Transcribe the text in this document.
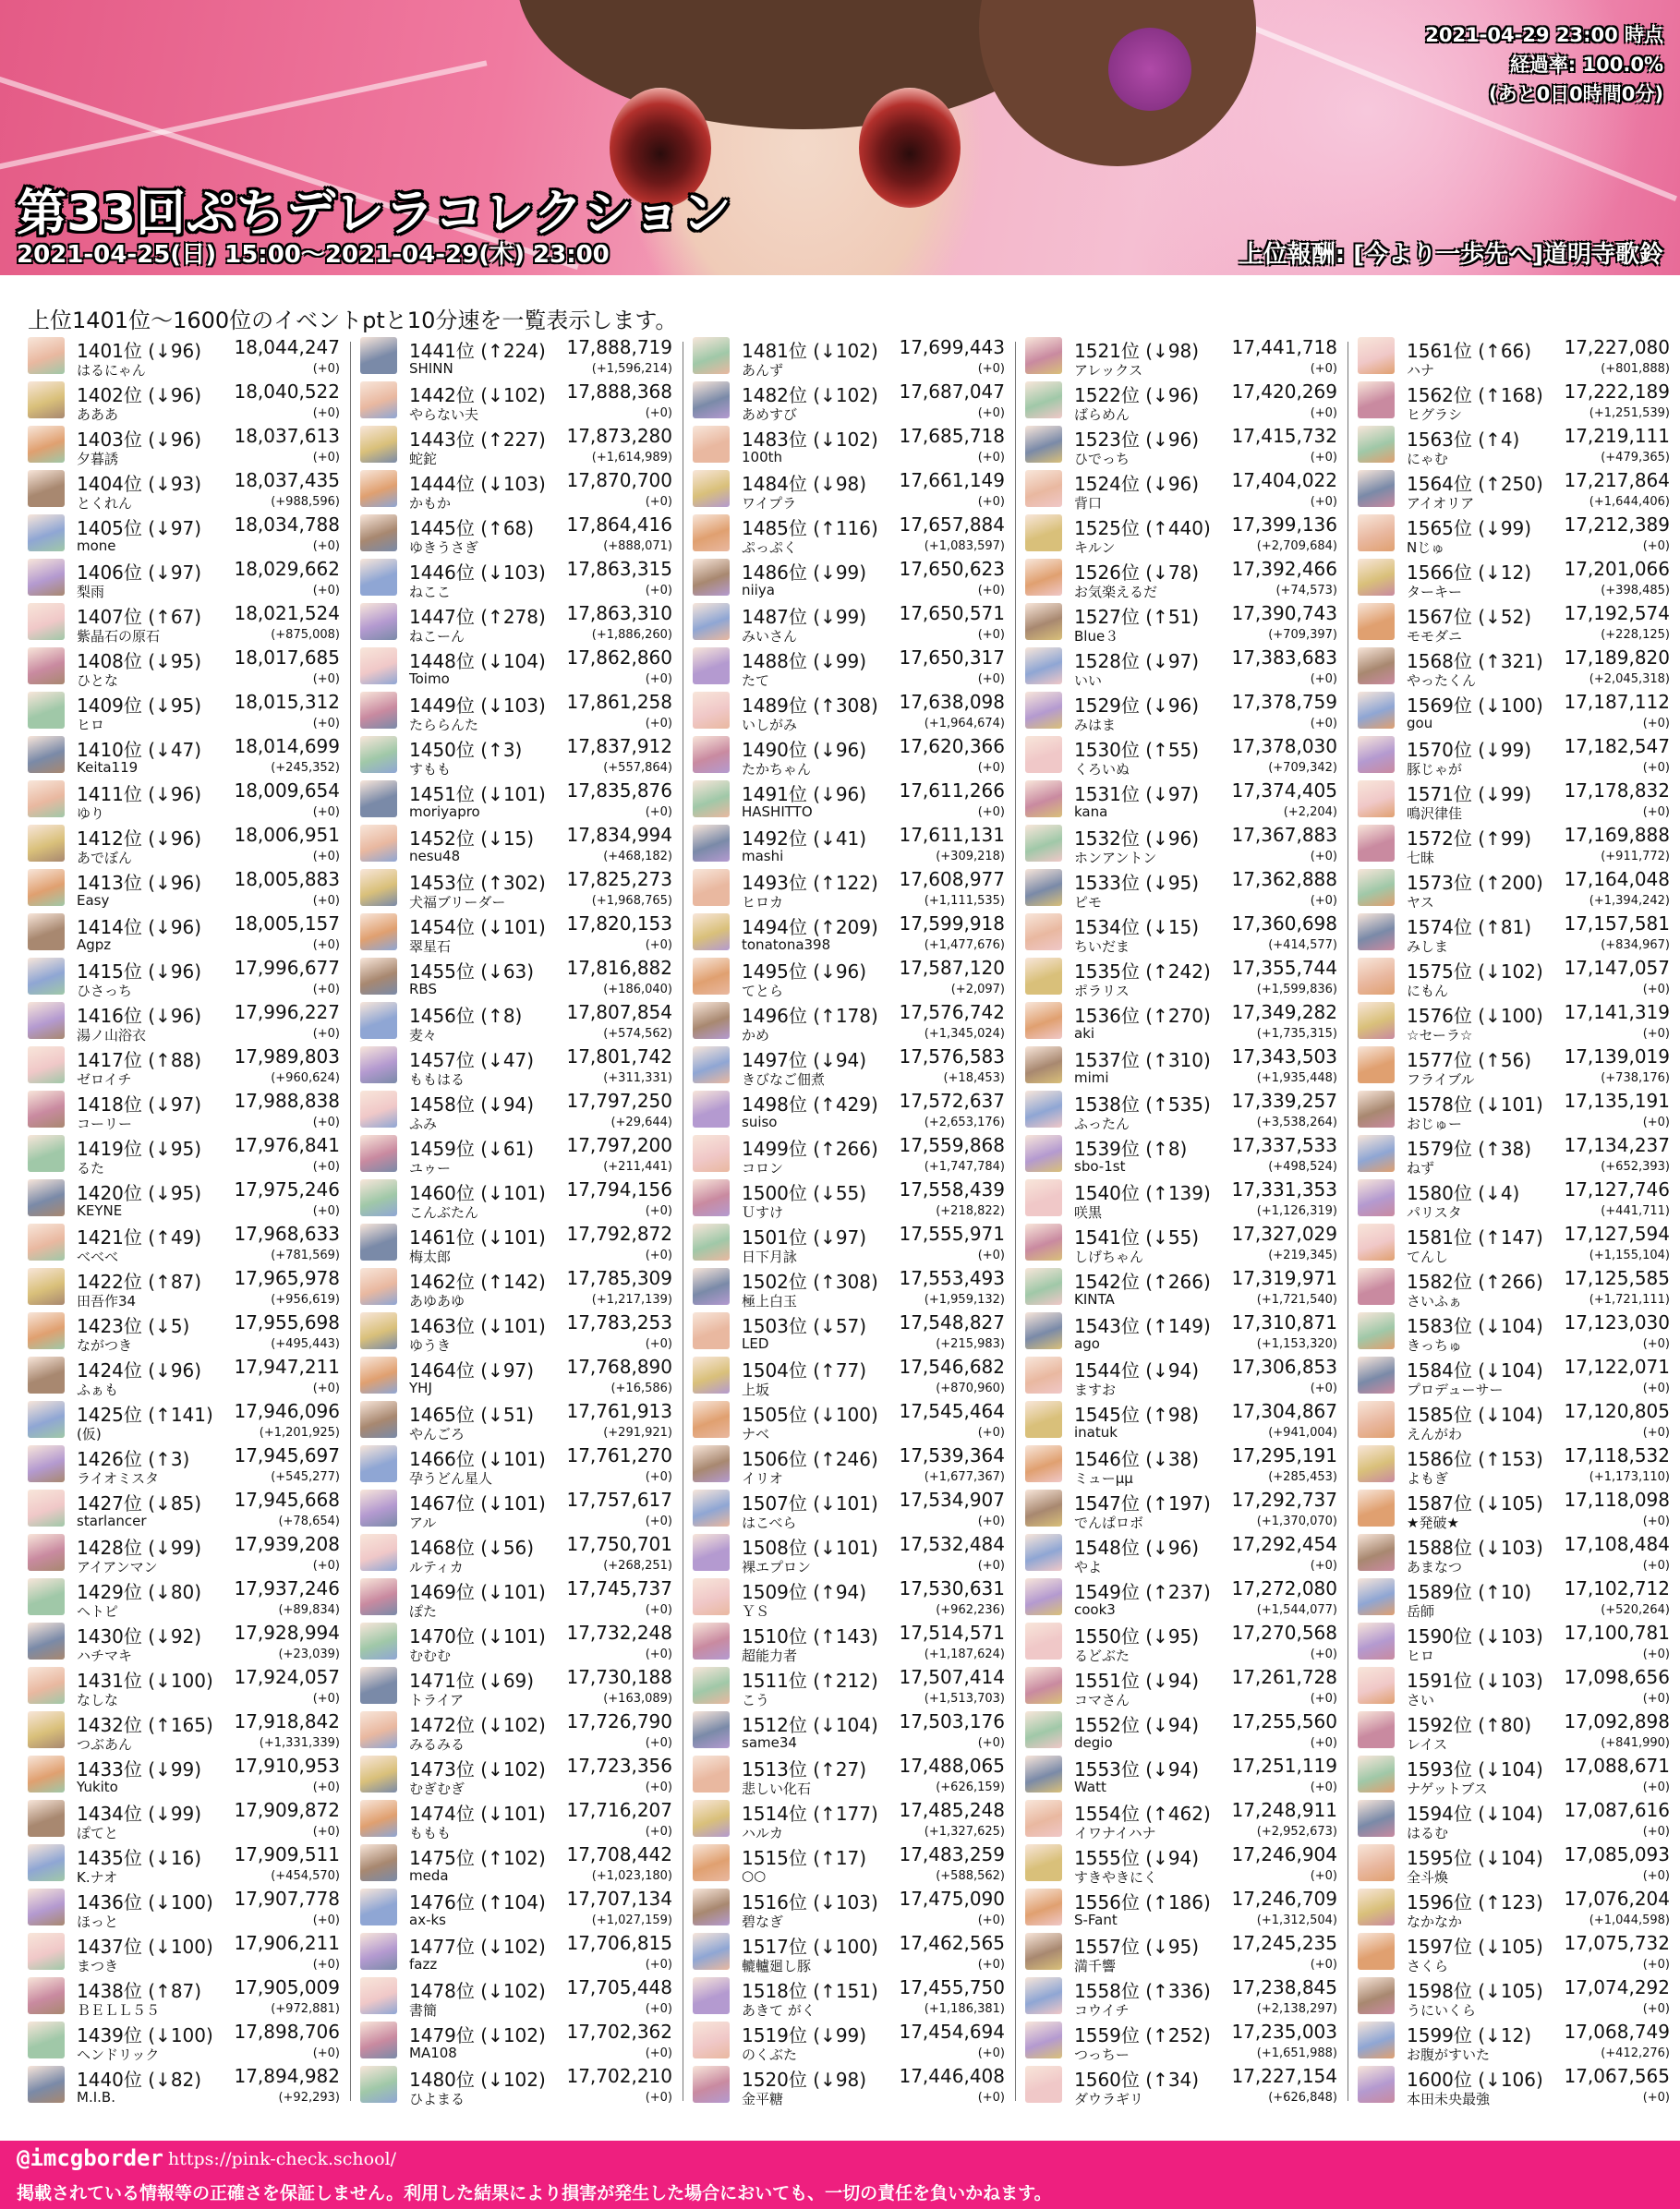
2021-04-29 23:00 時点
経過率: 100.0%
(あと0日0時間0分)
第33回ぷちデレラコレクション
2021-04-25(日) 15:00～2021-04-29(木) 23:00	上位報酬: [今より一歩先へ]道明寺歌鈴
上位1401位～1600位のイベントptと10分速を一覧表示します。
1401位 (↓96)
はるにゃん
18,044,247
(+0)
1402位 (↓96)
あああ
18,040,522
(+0)
1403位 (↓96)
夕暮誘
18,037,613
(+0)
1404位 (↓93)
とくれん
18,037,435
(+988,596)
1405位 (↓97)
mone
18,034,788
(+0)
1406位 (↓97)
梨雨
18,029,662
(+0)
1407位 (↑67)
紫晶石の原石
18,021,524
(+875,008)
1408位 (↓95)
ひとな
18,017,685
(+0)
1409位 (↓95)
ヒロ
18,015,312
(+0)
1410位 (↓47)
Keita119
18,014,699
(+245,352)
1411位 (↓96)
ゆり
18,009,654
(+0)
1412位 (↓96)
あでぼん
18,006,951
(+0)
1413位 (↓96)
Easy
18,005,883
(+0)
1414位 (↓96)
Agpz
18,005,157
(+0)
1415位 (↓96)
ひさっち
17,996,677
(+0)
1416位 (↓96)
湯ノ山浴衣
17,996,227
(+0)
1417位 (↑88)
ゼロイチ
17,989,803
(+960,624)
1418位 (↓97)
コーリー
17,988,838
(+0)
1419位 (↓95)
るた
17,976,841
(+0)
1420位 (↓95)
KEYNE
17,975,246
(+0)
1421位 (↑49)
べべべ
17,968,633
(+781,569)
1422位 (↑87)
田吾作34
17,965,978
(+956,619)
1423位 (↓5)
ながつき
17,955,698
(+495,443)
1424位 (↓96)
ふぁも
17,947,211
(+0)
1425位 (↑141)
(仮)
17,946,096
(+1,201,925)
1426位 (↑3)
ライオミスタ
17,945,697
(+545,277)
1427位 (↓85)
starlancer
17,945,668
(+78,654)
1428位 (↓99)
アイアンマン
17,939,208
(+0)
1429位 (↓80)
ヘトピ
17,937,246
(+89,834)
1430位 (↓92)
ハチマキ
17,928,994
(+23,039)
1431位 (↓100)
なしな
17,924,057
(+0)
1432位 (↑165)
つぶあん
17,918,842
(+1,331,339)
1433位 (↓99)
Yukito
17,910,953
(+0)
1434位 (↓99)
ぽてと
17,909,872
(+0)
1435位 (↓16)
K.ナオ
17,909,511
(+454,570)
1436位 (↓100)
ほっと
17,907,778
(+0)
1437位 (↓100)
まつき
17,906,211
(+0)
1438位 (↑87)
ＢＥＬＬ５５
17,905,009
(+972,881)
1439位 (↓100)
ヘンドリック
17,898,706
(+0)
1440位 (↓82)
M.I.B.
17,894,982
(+92,293)
1441位 (↑224)
SHINN
17,888,719
(+1,596,214)
1442位 (↓102)
やらない夫
17,888,368
(+0)
1443位 (↑227)
蛇鉈
17,873,280
(+1,614,989)
1444位 (↓103)
かもか
17,870,700
(+0)
1445位 (↑68)
ゆきうさぎ
17,864,416
(+888,071)
1446位 (↓103)
ねここ
17,863,315
(+0)
1447位 (↑278)
ねこーん
17,863,310
(+1,886,260)
1448位 (↓104)
Toimo
17,862,860
(+0)
1449位 (↓103)
たららんた
17,861,258
(+0)
1450位 (↑3)
すもも
17,837,912
(+557,864)
1451位 (↓101)
moriyapro
17,835,876
(+0)
1452位 (↓15)
nesu48
17,834,994
(+468,182)
1453位 (↑302)
犬福ブリーダー
17,825,273
(+1,968,765)
1454位 (↓101)
翠星石
17,820,153
(+0)
1455位 (↓63)
RBS
17,816,882
(+186,040)
1456位 (↑8)
麦々
17,807,854
(+574,562)
1457位 (↓47)
ももはる
17,801,742
(+311,331)
1458位 (↓94)
ふみ
17,797,250
(+29,644)
1459位 (↓61)
ユゥー
17,797,200
(+211,441)
1460位 (↓101)
こんぶたん
17,794,156
(+0)
1461位 (↓101)
梅太郎
17,792,872
(+0)
1462位 (↑142)
あゆあゆ
17,785,309
(+1,217,139)
1463位 (↓101)
ゆうき
17,783,253
(+0)
1464位 (↓97)
YHJ
17,768,890
(+16,586)
1465位 (↓51)
やんごろ
17,761,913
(+291,921)
1466位 (↓101)
孕うどん星人
17,761,270
(+0)
1467位 (↓101)
アル
17,757,617
(+0)
1468位 (↓56)
ルティカ
17,750,701
(+268,251)
1469位 (↓101)
ぽた
17,745,737
(+0)
1470位 (↓101)
むむむ
17,732,248
(+0)
1471位 (↓69)
トライア
17,730,188
(+163,089)
1472位 (↓102)
みるみる
17,726,790
(+0)
1473位 (↓102)
むぎむぎ
17,723,356
(+0)
1474位 (↓101)
ももも
17,716,207
(+0)
1475位 (↑102)
meda
17,708,442
(+1,023,180)
1476位 (↑104)
ax-ks
17,707,134
(+1,027,159)
1477位 (↓102)
fazz
17,706,815
(+0)
1478位 (↓102)
書簡
17,705,448
(+0)
1479位 (↓102)
MA108
17,702,362
(+0)
1480位 (↓102)
ひよまる
17,702,210
(+0)
1481位 (↓102)
あんず
17,699,443
(+0)
1482位 (↓102)
あめすび
17,687,047
(+0)
1483位 (↓102)
100th
17,685,718
(+0)
1484位 (↓98)
ワイプラ
17,661,149
(+0)
1485位 (↑116)
ぷっぷく
17,657,884
(+1,083,597)
1486位 (↓99)
niiya
17,650,623
(+0)
1487位 (↓99)
みいさん
17,650,571
(+0)
1488位 (↓99)
たて
17,650,317
(+0)
1489位 (↑308)
いしがみ
17,638,098
(+1,964,674)
1490位 (↓96)
たかちゃん
17,620,366
(+0)
1491位 (↓96)
HASHITTO
17,611,266
(+0)
1492位 (↓41)
mashi
17,611,131
(+309,218)
1493位 (↑122)
ヒロカ
17,608,977
(+1,111,535)
1494位 (↑209)
tonatona398
17,599,918
(+1,477,676)
1495位 (↓96)
てとら
17,587,120
(+2,097)
1496位 (↑178)
かめ
17,576,742
(+1,345,024)
1497位 (↓94)
きびなご佃煮
17,576,583
(+18,453)
1498位 (↑429)
suiso
17,572,637
(+2,653,176)
1499位 (↑266)
コロン
17,559,868
(+1,747,784)
1500位 (↓55)
Ｕすけ
17,558,439
(+218,822)
1501位 (↓97)
日下月詠
17,555,971
(+0)
1502位 (↑308)
極上白玉
17,553,493
(+1,959,132)
1503位 (↓57)
LED
17,548,827
(+215,983)
1504位 (↑77)
上坂
17,546,682
(+870,960)
1505位 (↓100)
ナベ
17,545,464
(+0)
1506位 (↑246)
イリオ
17,539,364
(+1,677,367)
1507位 (↓101)
はこべら
17,534,907
(+0)
1508位 (↓101)
裸エプロン
17,532,484
(+0)
1509位 (↑94)
ＹＳ
17,530,631
(+962,236)
1510位 (↑143)
超能力者
17,514,571
(+1,187,624)
1511位 (↑212)
こう
17,507,414
(+1,513,703)
1512位 (↓104)
same34
17,503,176
(+0)
1513位 (↑27)
悲しい化石
17,488,065
(+626,159)
1514位 (↑177)
ハルカ
17,485,248
(+1,327,625)
1515位 (↑17)
○○
17,483,259
(+588,562)
1516位 (↓103)
碧なぎ
17,475,090
(+0)
1517位 (↓100)
轆轤廻し豚
17,462,565
(+0)
1518位 (↑151)
あきて がく
17,455,750
(+1,186,381)
1519位 (↓99)
のくぶた
17,454,694
(+0)
1520位 (↓98)
金平糖
17,446,408
(+0)
1521位 (↓98)
アレックス
17,441,718
(+0)
1522位 (↓96)
ばらめん
17,420,269
(+0)
1523位 (↓96)
ひでっち
17,415,732
(+0)
1524位 (↓96)
背口
17,404,022
(+0)
1525位 (↑440)
キルン
17,399,136
(+2,709,684)
1526位 (↓78)
お気楽えるだ
17,392,466
(+74,573)
1527位 (↑51)
Blue３
17,390,743
(+709,397)
1528位 (↓97)
いい
17,383,683
(+0)
1529位 (↓96)
みはま
17,378,759
(+0)
1530位 (↑55)
くろいぬ
17,378,030
(+709,342)
1531位 (↓97)
kana
17,374,405
(+2,204)
1532位 (↓96)
ホンアントン
17,367,883
(+0)
1533位 (↓95)
ピモ
17,362,888
(+0)
1534位 (↓15)
ちいだま
17,360,698
(+414,577)
1535位 (↑242)
ポラリス
17,355,744
(+1,599,836)
1536位 (↑270)
aki
17,349,282
(+1,735,315)
1537位 (↑310)
mimi
17,343,503
(+1,935,448)
1538位 (↑535)
ふったん
17,339,257
(+3,538,264)
1539位 (↑8)
sbo-1st
17,337,533
(+498,524)
1540位 (↑139)
咲黒
17,331,353
(+1,126,319)
1541位 (↓55)
しげちゃん
17,327,029
(+219,345)
1542位 (↑266)
KINTA
17,319,971
(+1,721,540)
1543位 (↑149)
ago
17,310,871
(+1,153,320)
1544位 (↓94)
ますお
17,306,853
(+0)
1545位 (↑98)
inatuk
17,304,867
(+941,004)
1546位 (↓38)
ミューμμ
17,295,191
(+285,453)
1547位 (↑197)
でんぱロボ
17,292,737
(+1,370,070)
1548位 (↓96)
やよ
17,292,454
(+0)
1549位 (↑237)
cook3
17,272,080
(+1,544,077)
1550位 (↓95)
るどぶた
17,270,568
(+0)
1551位 (↓94)
コマさん
17,261,728
(+0)
1552位 (↓94)
degio
17,255,560
(+0)
1553位 (↓94)
Watt
17,251,119
(+0)
1554位 (↑462)
イワナイハナ
17,248,911
(+2,952,673)
1555位 (↓94)
すきやきにく
17,246,904
(+0)
1556位 (↑186)
S-Fant
17,246,709
(+1,312,504)
1557位 (↓95)
満千響
17,245,235
(+0)
1558位 (↑336)
コウイチ
17,238,845
(+2,138,297)
1559位 (↑252)
つっちー
17,235,003
(+1,651,988)
1560位 (↑34)
ダウラギリ
17,227,154
(+626,848)
1561位 (↑66)
ハナ
17,227,080
(+801,888)
1562位 (↑168)
ヒグラシ
17,222,189
(+1,251,539)
1563位 (↑4)
にゃむ
17,219,111
(+479,365)
1564位 (↑250)
アイオリア
17,217,864
(+1,644,406)
1565位 (↓99)
Nじゅ
17,212,389
(+0)
1566位 (↓12)
ターキー
17,201,066
(+398,485)
1567位 (↓52)
モモダニ
17,192,574
(+228,125)
1568位 (↑321)
やったくん
17,189,820
(+2,045,318)
1569位 (↓100)
gou
17,187,112
(+0)
1570位 (↓99)
豚じゃが
17,182,547
(+0)
1571位 (↓99)
鳴沢律佳
17,178,832
(+0)
1572位 (↑99)
七昧
17,169,888
(+911,772)
1573位 (↑200)
ヤス
17,164,048
(+1,394,242)
1574位 (↑81)
みしま
17,157,581
(+834,967)
1575位 (↓102)
にもん
17,147,057
(+0)
1576位 (↓100)
☆セーラ☆
17,141,319
(+0)
1577位 (↑56)
フライブル
17,139,019
(+738,176)
1578位 (↓101)
おじゅー
17,135,191
(+0)
1579位 (↑38)
ねず
17,134,237
(+652,393)
1580位 (↓4)
パリスタ
17,127,746
(+441,711)
1581位 (↑147)
てんし
17,127,594
(+1,155,104)
1582位 (↑266)
さいふぁ
17,125,585
(+1,721,111)
1583位 (↓104)
きっちゅ
17,123,030
(+0)
1584位 (↓104)
プロデューサー
17,122,071
(+0)
1585位 (↓104)
えんがわ
17,120,805
(+0)
1586位 (↑153)
よもぎ
17,118,532
(+1,173,110)
1587位 (↓105)
★発破★
17,118,098
(+0)
1588位 (↓103)
あまなつ
17,108,484
(+0)
1589位 (↑10)
岳師
17,102,712
(+520,264)
1590位 (↓103)
ヒロ
17,100,781
(+0)
1591位 (↓103)
さい
17,098,656
(+0)
1592位 (↑80)
レイス
17,092,898
(+841,990)
1593位 (↓104)
ナゲットブス
17,088,671
(+0)
1594位 (↓104)
はるむ
17,087,616
(+0)
1595位 (↓104)
全斗煥
17,085,093
(+0)
1596位 (↑123)
なかなか
17,076,204
(+1,044,598)
1597位 (↓105)
さくら
17,075,732
(+0)
1598位 (↓105)
うにいくら
17,074,292
(+0)
1599位 (↓12)
お腹がすいた
17,068,749
(+412,276)
1600位 (↓106)
本田未央最強
17,067,565
(+0)
@imcgborder https://pink-check.school/
掲載されている情報等の正確さを保証しません。利用した結果により損害が発生した場合においても、一切の責任を負いかねます。
